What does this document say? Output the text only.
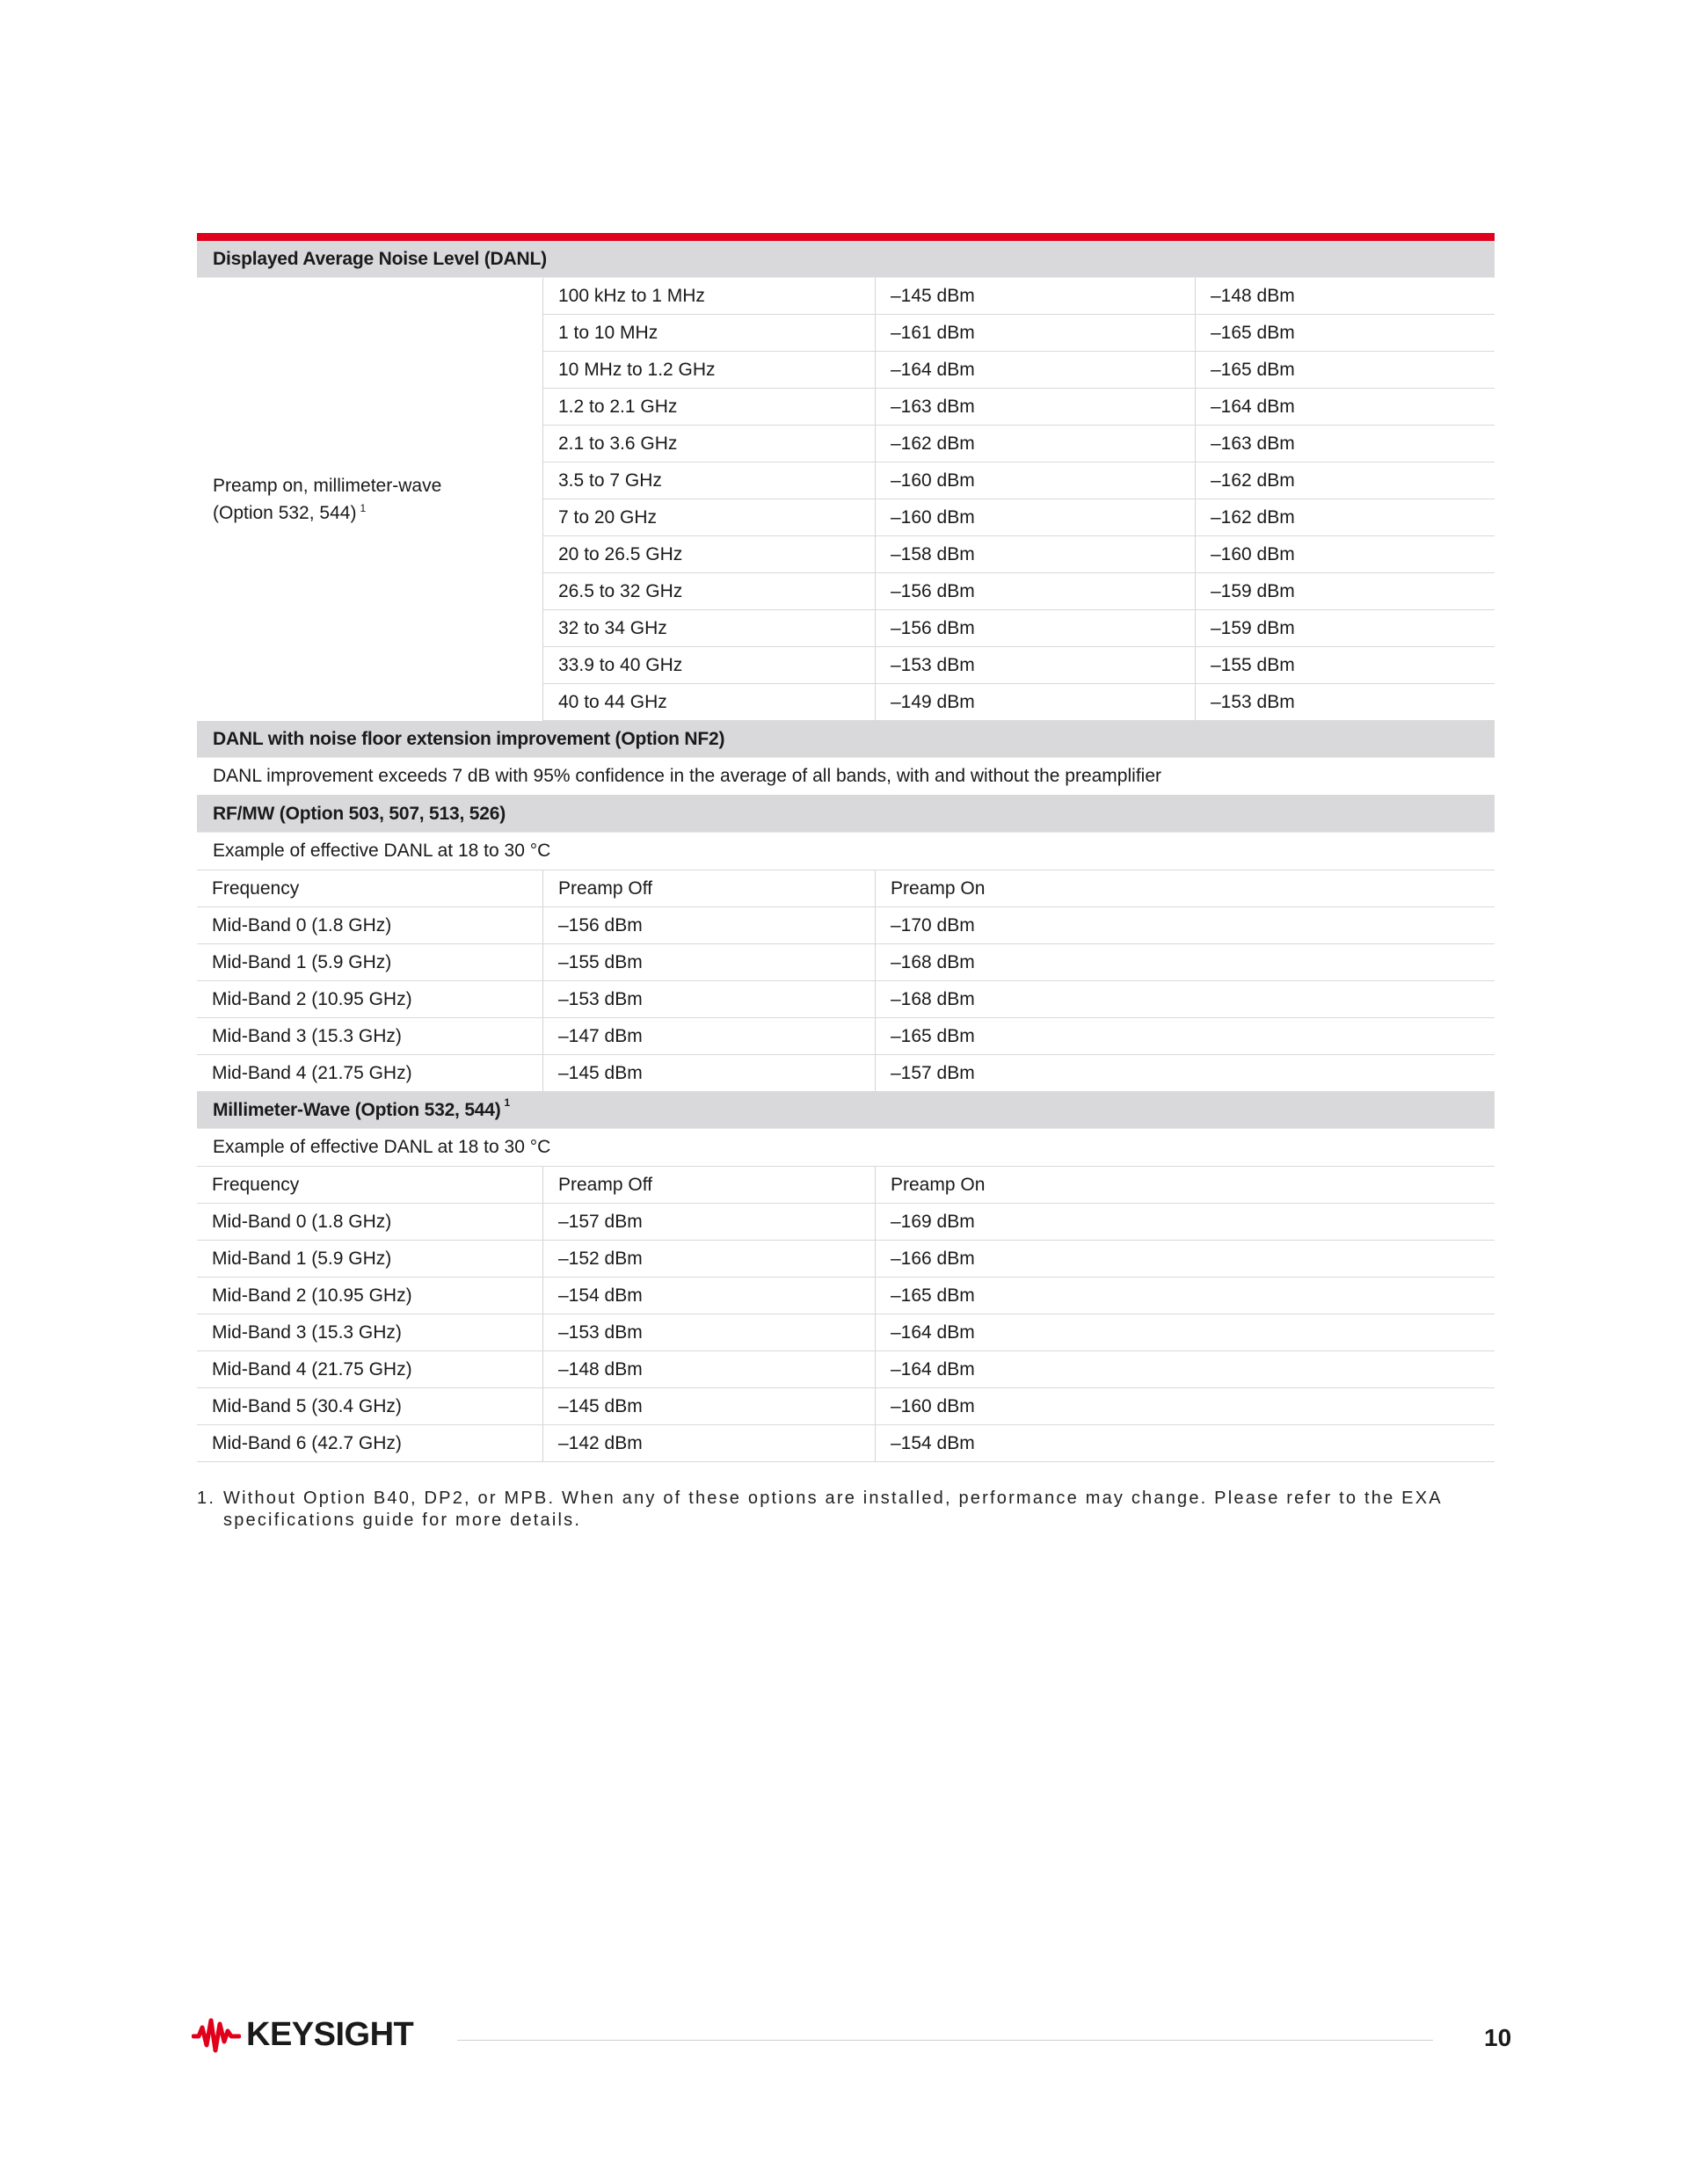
Displayed Average Noise Level (DANL)
Preamp on, millimeter-wave
(Option 532, 544) $^1$
100 kHz to 1 MHz	–145 dBm	–148 dBm
1 to 10 MHz	–161 dBm	–165 dBm
10 MHz to 1.2 GHz	–164 dBm	–165 dBm
1.2 to 2.1 GHz	–163 dBm	–164 dBm
2.1 to 3.6 GHz	–162 dBm	–163 dBm
3.5 to 7 GHz	–160 dBm	–162 dBm
7 to 20 GHz	–160 dBm	–162 dBm
20 to 26.5 GHz	–158 dBm	–160 dBm
26.5 to 32 GHz	–156 dBm	–159 dBm
32 to 34 GHz	–156 dBm	–159 dBm
33.9 to 40 GHz	–153 dBm	–155 dBm
40 to 44 GHz	–149 dBm	–153 dBm
DANL with noise floor extension improvement (Option NF2)
DANL improvement exceeds 7 dB with 95% confidence in the average of all bands, with and without the preamplifier
RF/MW (Option 503, 507, 513, 526)
Example of effective DANL at 18 to 30 °C
Frequency	Preamp Off	Preamp On
Mid-Band 0 (1.8 GHz)	–156 dBm	–170 dBm
Mid-Band 1 (5.9 GHz)	–155 dBm	–168 dBm
Mid-Band 2 (10.95 GHz)	–153 dBm	–168 dBm
Mid-Band 3 (15.3 GHz)	–147 dBm	–165 dBm
Mid-Band 4 (21.75 GHz)	–145 dBm	–157 dBm
Millimeter-Wave (Option 532, 544) $^1$
Example of effective DANL at 18 to 30 °C
Frequency	Preamp Off	Preamp On
Mid-Band 0 (1.8 GHz)	–157 dBm	–169 dBm
Mid-Band 1 (5.9 GHz)	–152 dBm	–166 dBm
Mid-Band 2 (10.95 GHz)	–154 dBm	–165 dBm
Mid-Band 3 (15.3 GHz)	–153 dBm	–164 dBm
Mid-Band 4 (21.75 GHz)	–148 dBm	–164 dBm
Mid-Band 5 (30.4 GHz)	–145 dBm	–160 dBm
Mid-Band 6 (42.7 GHz)	–142 dBm	–154 dBm
1. Without Option B40, DP2, or MPB. When any of these options are installed, performance may change. Please refer to the EXA
specifications guide for more details.
KEYSIGHT	10
